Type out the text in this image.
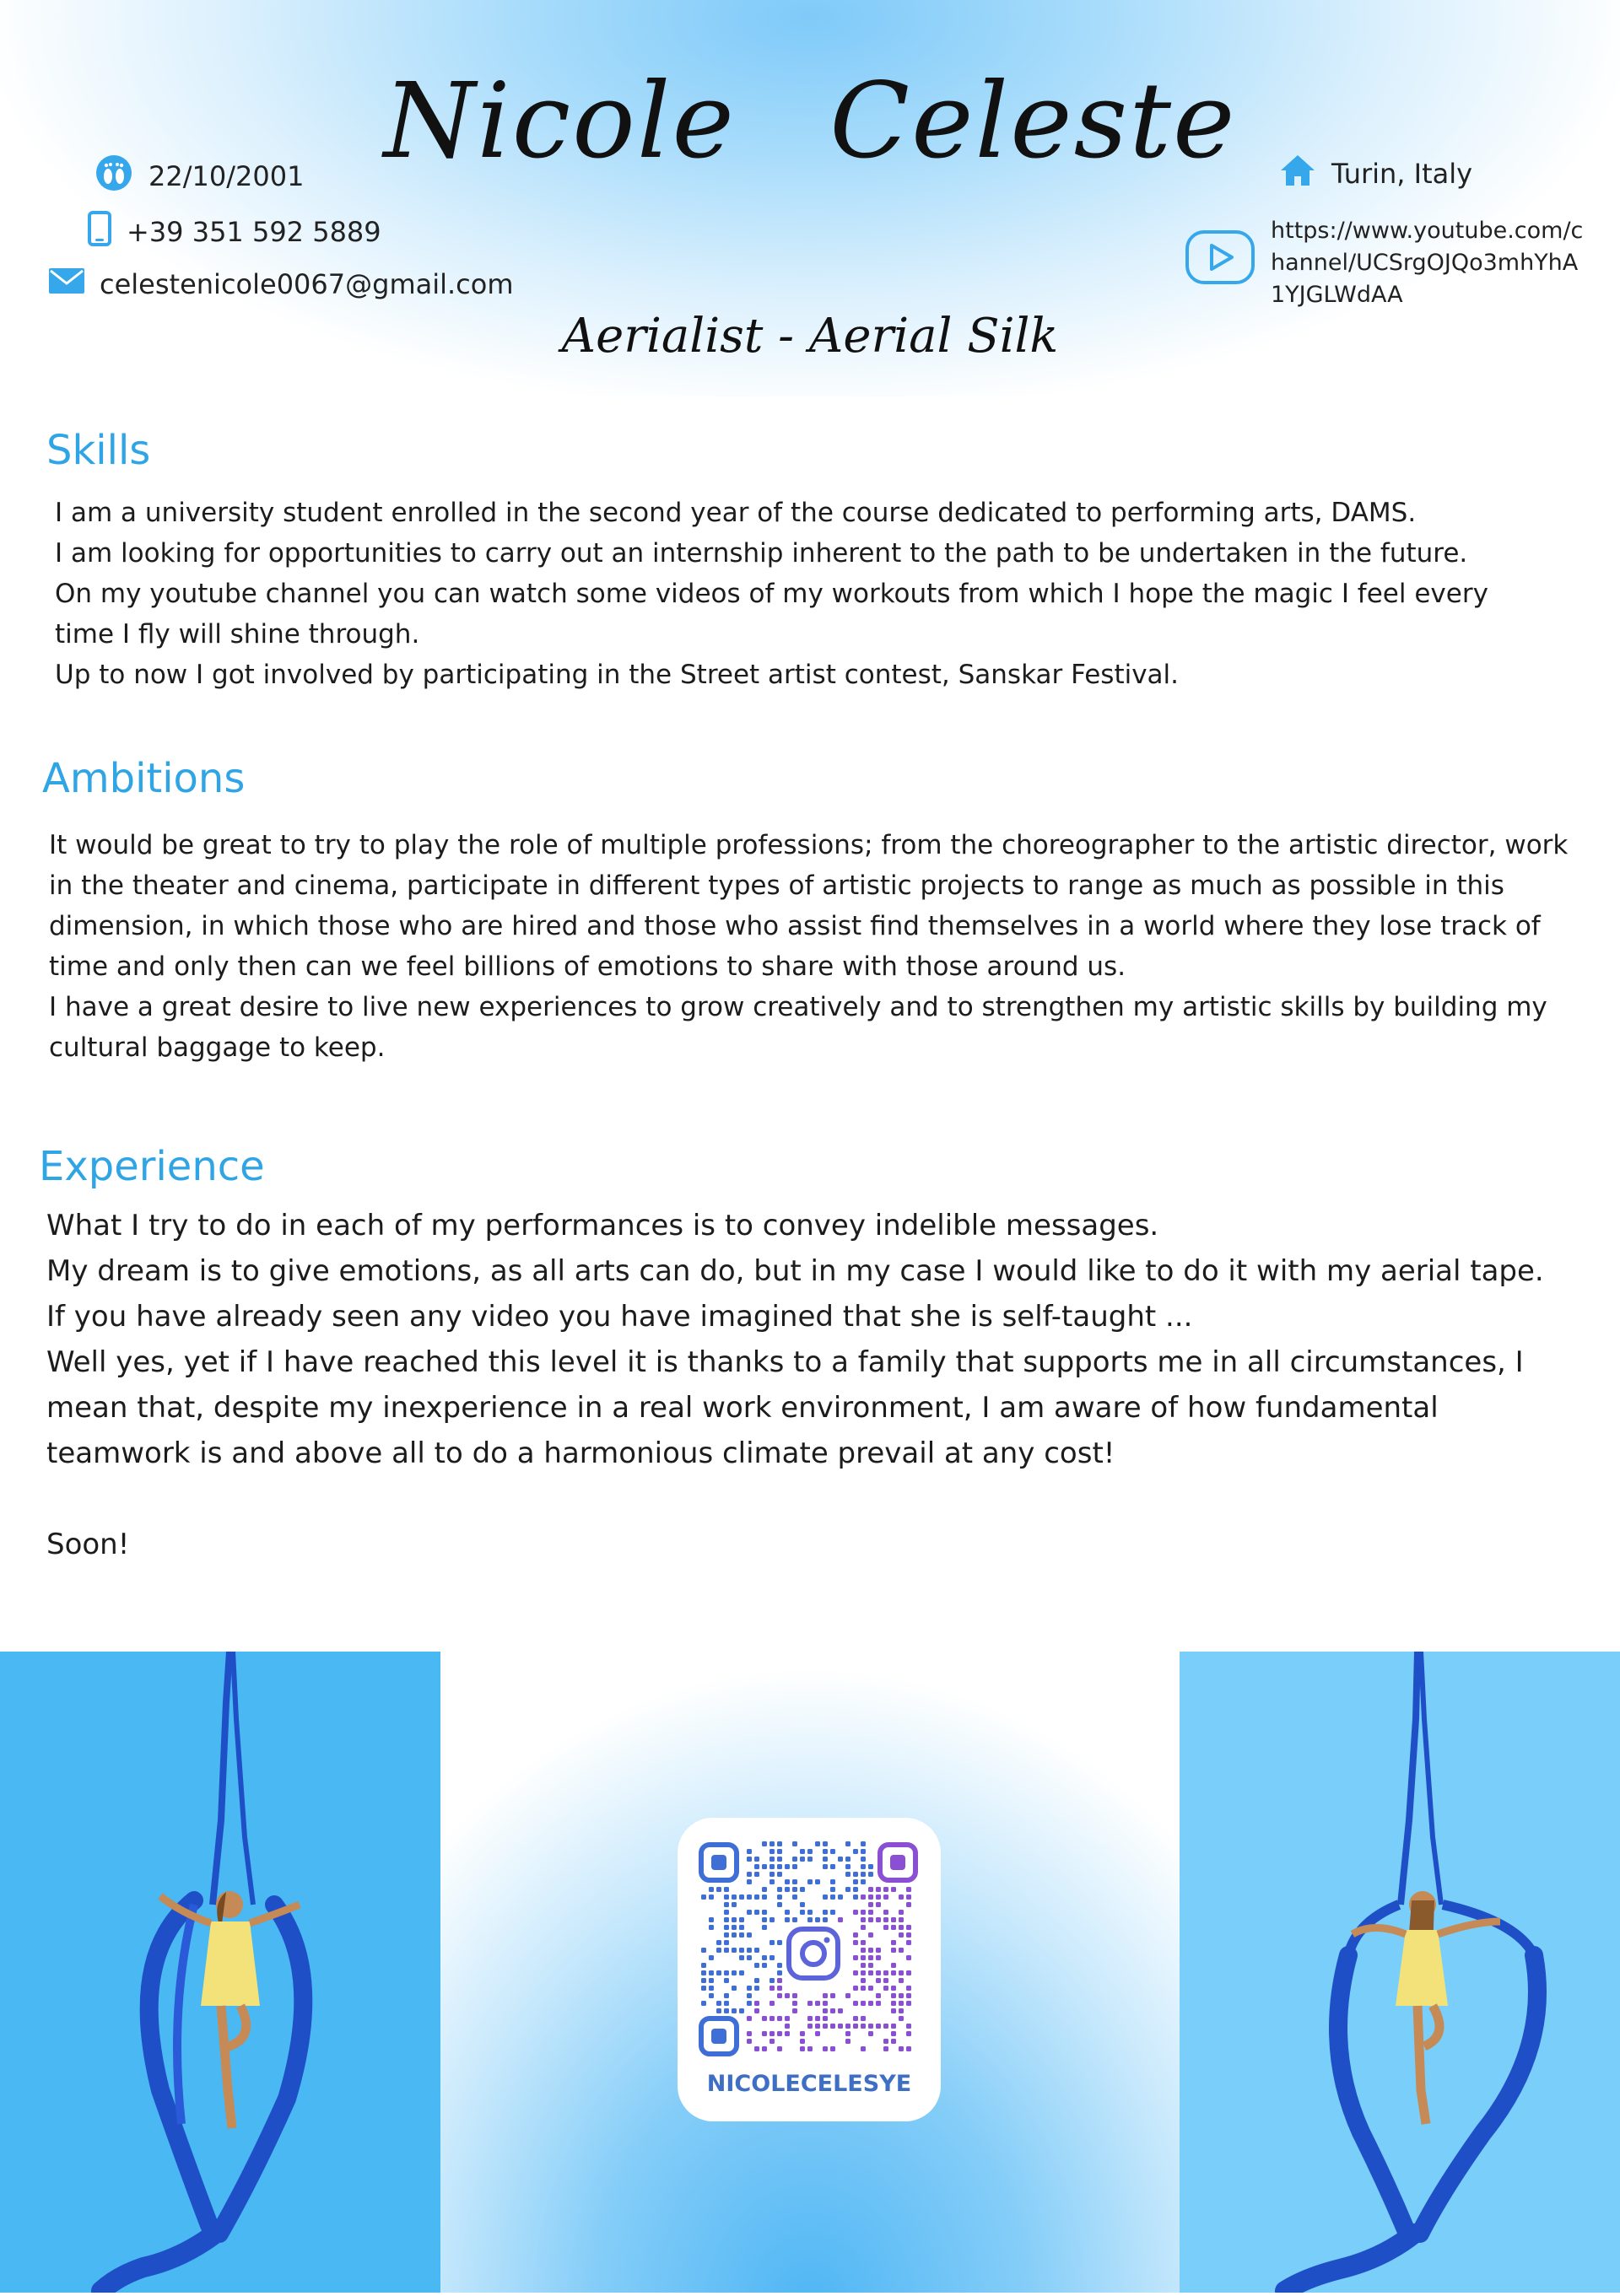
Nicole Celeste
Aerialist - Aerial Silk
22/10/2001
+39 351 592 5889
celestenicole0067@gmail.com
Turin, Italy
https://www.youtube.com/channel/UCSrgOJQo3mhYhA1YJGLWdAA
Skills

I am a university student enrolled in the second year of the course dedicated to performing arts, DAMS.

I am looking for opportunities to carry out an internship inherent to the path to be undertaken in the future.

On my youtube channel you can watch some videos of my workouts from which I hope the magic I feel every time I fly will shine through.

Up to now I got involved by participating in the Street artist contest, Sanskar Festival.

Ambitions

It would be great to try to play the role of multiple professions; from the choreographer to the artistic director, work in the theater and cinema, participate in different types of artistic projects to range as much as possible in this dimension, in which those who are hired and those who assist find themselves in a world where they lose track of time and only then can we feel billions of emotions to share with those around us.

I have a great desire to live new experiences to grow creatively and to strengthen my artistic skills by building my cultural baggage to keep.

Experience

What I try to do in each of my performances is to convey indelible messages.

My dream is to give emotions, as all arts can do, but in my case I would like to do it with my aerial tape.

If you have already seen any video you have imagined that she is self-taught ...

Well yes, yet if I have reached this level it is thanks to a family that supports me in all circumstances, I mean that, despite my inexperience in a real work environment, I am aware of how fundamental teamwork is and above all to do a harmonious climate prevail at any cost!

Soon!

NICOLECELESYE
